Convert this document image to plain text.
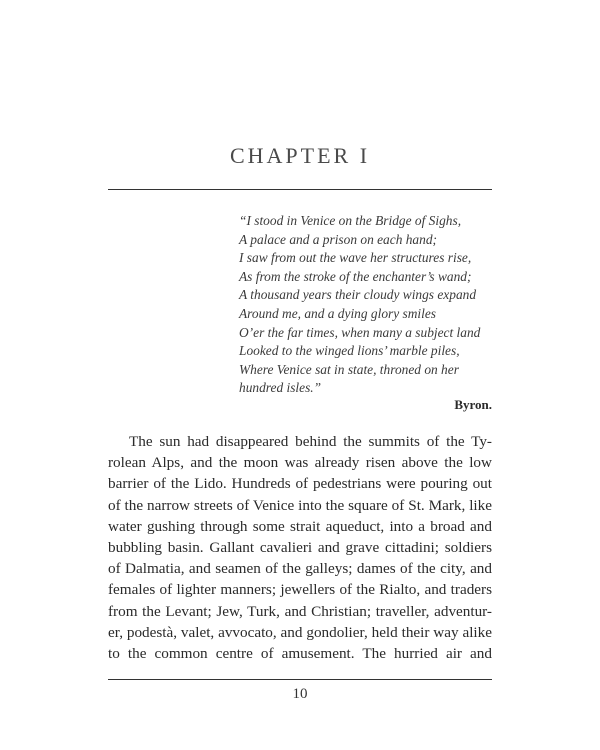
CHAPTER I
“I stood in Venice on the Bridge of Sighs,
A palace and a prison on each hand;
I saw from out the wave her structures rise,
As from the stroke of the enchanter’s wand;
A thousand years their cloudy wings expand
Around me, and a dying glory smiles
O’er the far times, when many a subject land
Looked to the winged lions’ marble piles,
Where Venice sat in state, throned on her
hundred isles.”
Byron.
The sun had disappeared behind the summits of the Ty-
rolean Alps, and the moon was already risen above the low
barrier of the Lido. Hundreds of pedestrians were pouring out
of the narrow streets of Venice into the square of St. Mark, like
water gushing through some strait aqueduct, into a broad and
bubbling basin. Gallant cavalieri and grave cittadini; soldiers
of Dalmatia, and seamen of the galleys; dames of the city, and
females of lighter manners; jewellers of the Rialto, and traders
from the Levant; Jew, Turk, and Christian; traveller, adventur-
er, podestà, valet, avvocato, and gondolier, held their way alike
to the common centre of amusement. The hurried air and
10
